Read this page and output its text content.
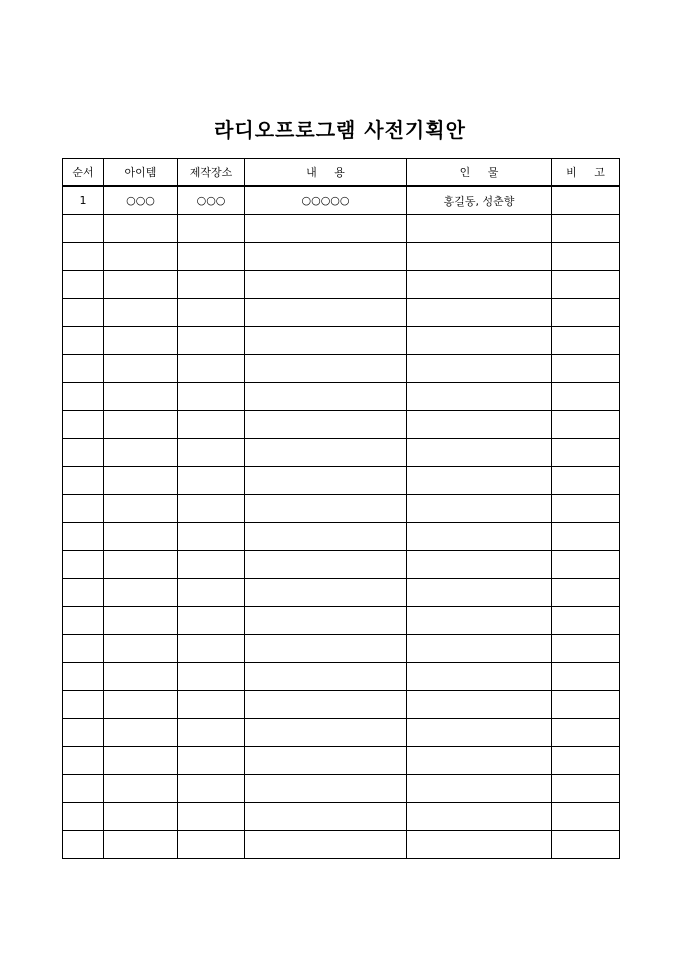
라디오프로그램 사전기획안
순서	아이템	제작장소	내 용	인 물	비 고
1	○○○	○○○	○○○○○	홍길동, 성춘향	
